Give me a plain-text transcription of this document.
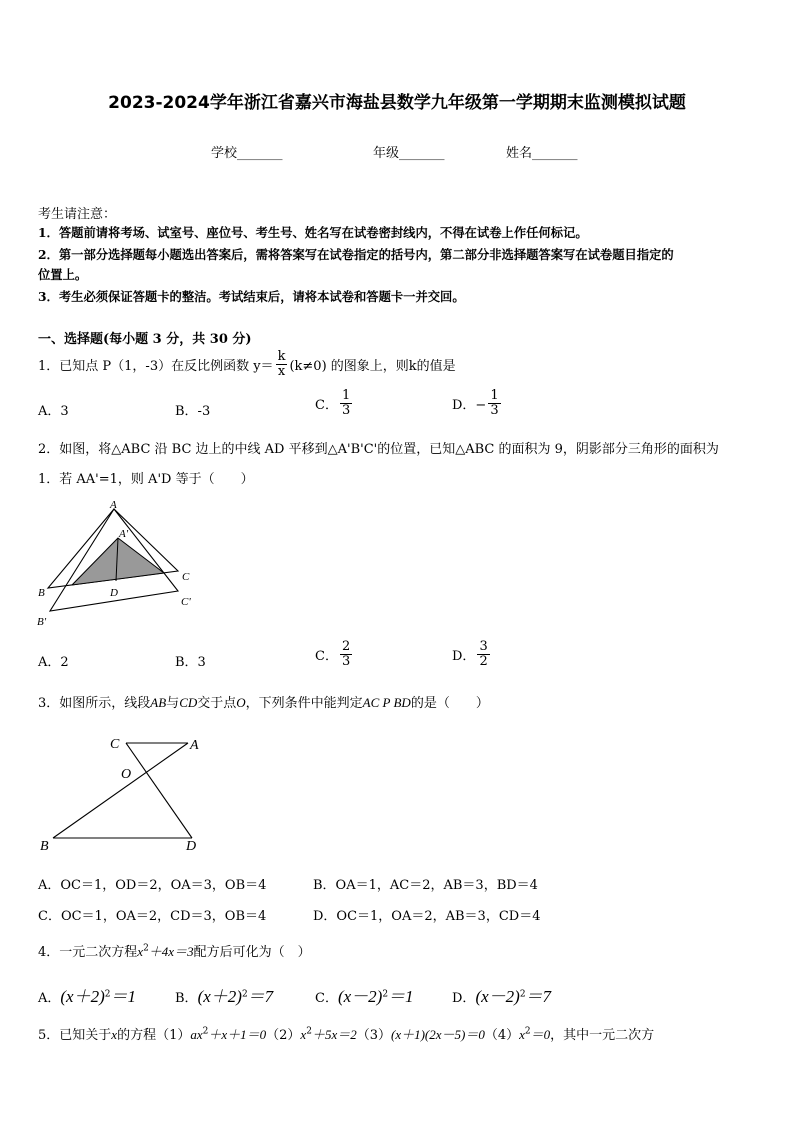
2023-2024学年浙江省嘉兴市海盐县数学九年级第一学期期末监测模拟试题
学校_______	年级_______	姓名_______
考生请注意：
1．答题前请将考场、试室号、座位号、考生号、姓名写在试卷密封线内，不得在试卷上作任何标记。
2．第一部分选择题每小题选出答案后，需将答案写在试卷指定的括号内，第二部分非选择题答案写在试卷题目指定的
位置上。
3．考生必须保证答题卡的整洁。考试结束后，请将本试卷和答题卡一并交回。
一、选择题(每小题 3 分，共 30 分)
1．已知点 P（1，-3）在反比例函数 $y= \frac{k}{x} (k\ne 0)$ 的图象上，则k的值是
A．3	B．-3	C． $\frac{1}{3}$	D．− $\frac{1}{3}$
2．如图，将△ABC 沿 BC 边上的中线 AD 平移到△A'B'C'的位置，已知△ABC 的面积为 9，阴影部分三角形的面积为
1．若 AA'=1，则 A'D 等于（　　）
A
A'
B
C
D
B'
C'
A．2	B．3	C． $\frac{2}{3}$	D． $\frac{3}{2}$
3．如图所示，线段AB与CD交于点O，下列条件中能判定AC P BD的是（　　）
C	A
O
B	D
A．OC＝1，OD＝2，OA＝3，OB＝4	B．OA＝1，AC＝2，AB＝3，BD＝4
C．OC＝1，OA＝2，CD＝3，OB＝4	D．OC＝1，OA＝2，AB＝3，CD＝4
4．一元二次方程$x^2+4x=3$配方后可化为（　）
A．$(x+2)^2=1$	B．$(x+2)^2=7$	C．$(x-2)^2=1$	D．$(x-2)^2=7$
5．已知关于x的方程$(1)ax^2+x+1=0(2)x^2+5x=2(3)(x+1)(2x-5)=0(4)x^2=0$，其中一元二次方
